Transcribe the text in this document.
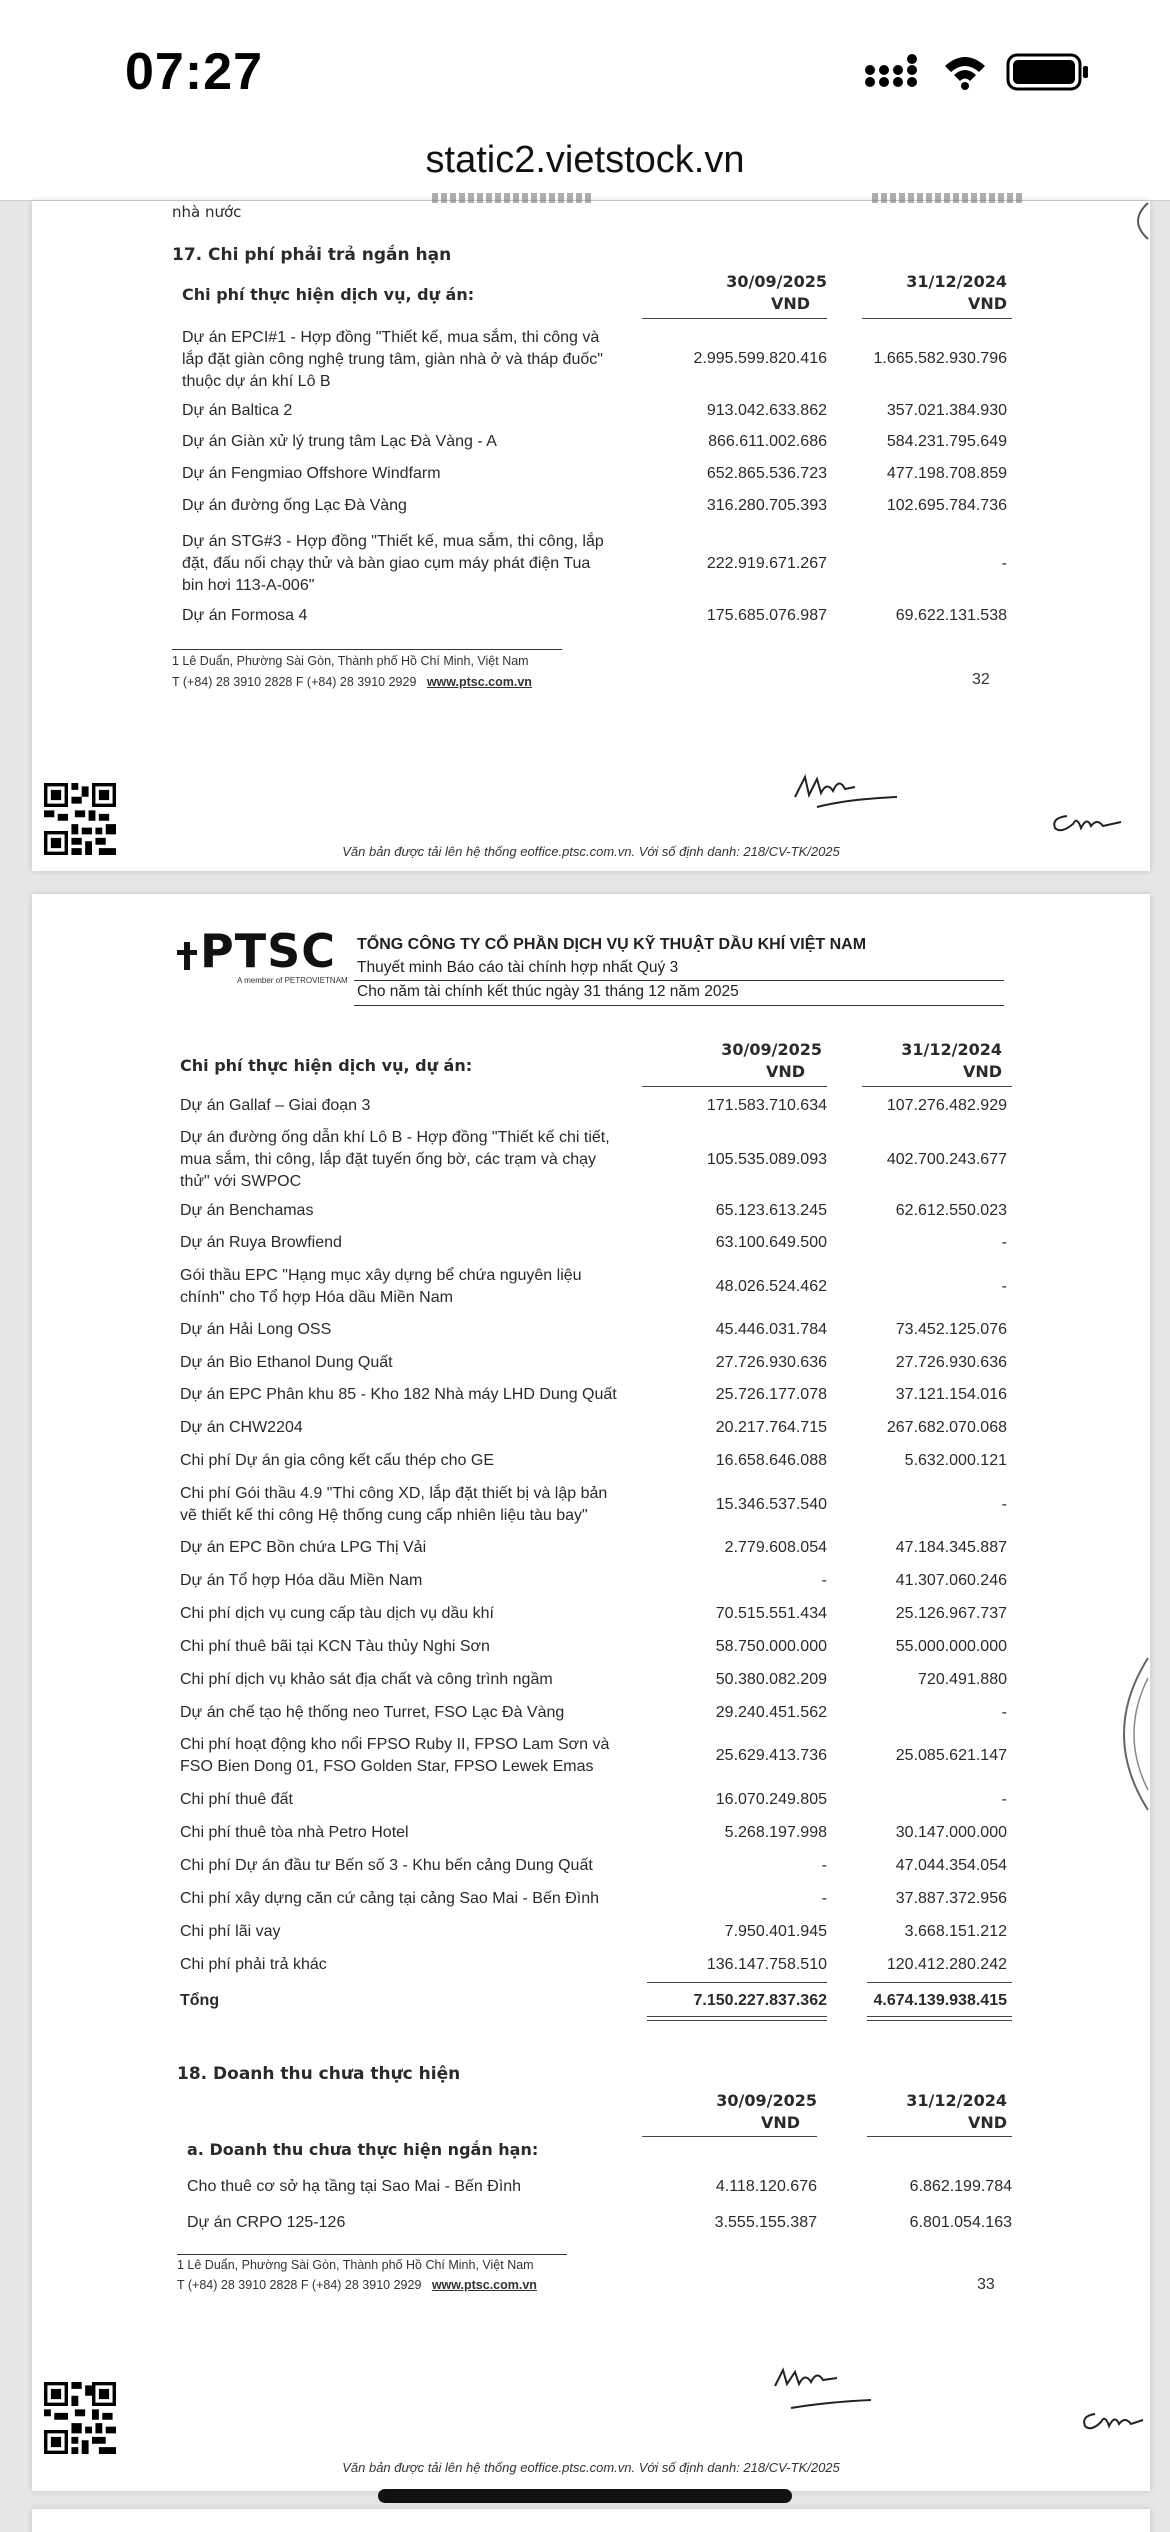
07:27
static2.vietstock.vn
nhà nước
17. Chi phí phải trả ngắn hạn
Chi phí thực hiện dịch vụ, dự án:
30/09/2025
VND
31/12/2024
VND
Dự án EPCI#1 - Hợp đồng "Thiết kế, mua sắm, thi công và
lắp đặt giàn công nghệ trung tâm, giàn nhà ở và tháp đuốc"
thuộc dự án khí Lô B
2.995.599.820.416	1.665.582.930.796
Dự án Baltica 2	913.042.633.862	357.021.384.930
Dự án Giàn xử lý trung tâm Lạc Đà Vàng - A	866.611.002.686	584.231.795.649
Dự án Fengmiao Offshore Windfarm	652.865.536.723	477.198.708.859
Dự án đường ống Lạc Đà Vàng	316.280.705.393	102.695.784.736
Dự án STG#3 - Hợp đồng "Thiết kế, mua sắm, thi công, lắp
đặt, đấu nối chạy thử và bàn giao cụm máy phát điện Tua
bin hơi 113-A-006"
222.919.671.267	-
Dự án Formosa 4	175.685.076.987	69.622.131.538
1 Lê Duẩn, Phường Sài Gòn, Thành phố Hồ Chí Minh, Việt Nam
T (+84) 28 3910 2828 F (+84) 28 3910 2929 www.ptsc.com.vn	32
Văn bản được tải lên hệ thống eoffice.ptsc.com.vn. Với số định danh: 218/CV-TK/2025
PTSC
A member of PETROVIETNAM
TỔNG CÔNG TY CỔ PHẦN DỊCH VỤ KỸ THUẬT DẦU KHÍ VIỆT NAM
Thuyết minh Báo cáo tài chính hợp nhất Quý 3
Cho năm tài chính kết thúc ngày 31 tháng 12 năm 2025
Chi phí thực hiện dịch vụ, dự án:
30/09/2025
VND
31/12/2024
VND
Dự án Gallaf – Giai đoạn 3	171.583.710.634	107.276.482.929
Dự án đường ống dẫn khí Lô B - Hợp đồng "Thiết kế chi tiết,
mua sắm, thi công, lắp đặt tuyến ống bờ, các trạm và chạy
thử" với SWPOC
105.535.089.093	402.700.243.677
Dự án Benchamas	65.123.613.245	62.612.550.023
Dự án Ruya Browfiend	63.100.649.500	-
Gói thầu EPC "Hạng mục xây dựng bể chứa nguyên liệu
chính" cho Tổ hợp Hóa dầu Miền Nam
48.026.524.462	-
Dự án Hải Long OSS	45.446.031.784	73.452.125.076
Dự án Bio Ethanol Dung Quất	27.726.930.636	27.726.930.636
Dự án EPC Phân khu 85 - Kho 182 Nhà máy LHD Dung Quất	25.726.177.078	37.121.154.016
Dự án CHW2204	20.217.764.715	267.682.070.068
Chi phí Dự án gia công kết cấu thép cho GE	16.658.646.088	5.632.000.121
Chi phí Gói thầu 4.9 "Thi công XD, lắp đặt thiết bị và lập bản
vẽ thiết kế thi công Hệ thống cung cấp nhiên liệu tàu bay"
15.346.537.540	-
Dự án EPC Bồn chứa LPG Thị Vải	2.779.608.054	47.184.345.887
Dự án Tổ hợp Hóa dầu Miền Nam	-	41.307.060.246
Chi phí dịch vụ cung cấp tàu dịch vụ dầu khí	70.515.551.434	25.126.967.737
Chi phí thuê bãi tại KCN Tàu thủy Nghi Sơn	58.750.000.000	55.000.000.000
Chi phí dịch vụ khảo sát địa chất và công trình ngầm	50.380.082.209	720.491.880
Dự án chế tạo hệ thống neo Turret, FSO Lạc Đà Vàng	29.240.451.562	-
Chi phí hoạt động kho nổi FPSO Ruby II, FPSO Lam Sơn và
FSO Bien Dong 01, FSO Golden Star, FPSO Lewek Emas
25.629.413.736	25.085.621.147
Chi phí thuê đất	16.070.249.805	-
Chi phí thuê tòa nhà Petro Hotel	5.268.197.998	30.147.000.000
Chi phí Dự án đầu tư Bến số 3 - Khu bến cảng Dung Quất	-	47.044.354.054
Chi phí xây dựng căn cứ cảng tại cảng Sao Mai - Bến Đình	-	37.887.372.956
Chi phí lãi vay	7.950.401.945	3.668.151.212
Chi phí phải trả khác	136.147.758.510	120.412.280.242
Tổng	7.150.227.837.362	4.674.139.938.415
18. Doanh thu chưa thực hiện
30/09/2025
VND
31/12/2024
VND
a. Doanh thu chưa thực hiện ngắn hạn:
Cho thuê cơ sở hạ tầng tại Sao Mai - Bến Đình	4.118.120.676	6.862.199.784
Dự án CRPO 125-126	3.555.155.387	6.801.054.163
1 Lê Duẩn, Phường Sài Gòn, Thành phố Hồ Chí Minh, Việt Nam
T (+84) 28 3910 2828 F (+84) 28 3910 2929 www.ptsc.com.vn	33
Văn bản được tải lên hệ thống eoffice.ptsc.com.vn. Với số định danh: 218/CV-TK/2025
